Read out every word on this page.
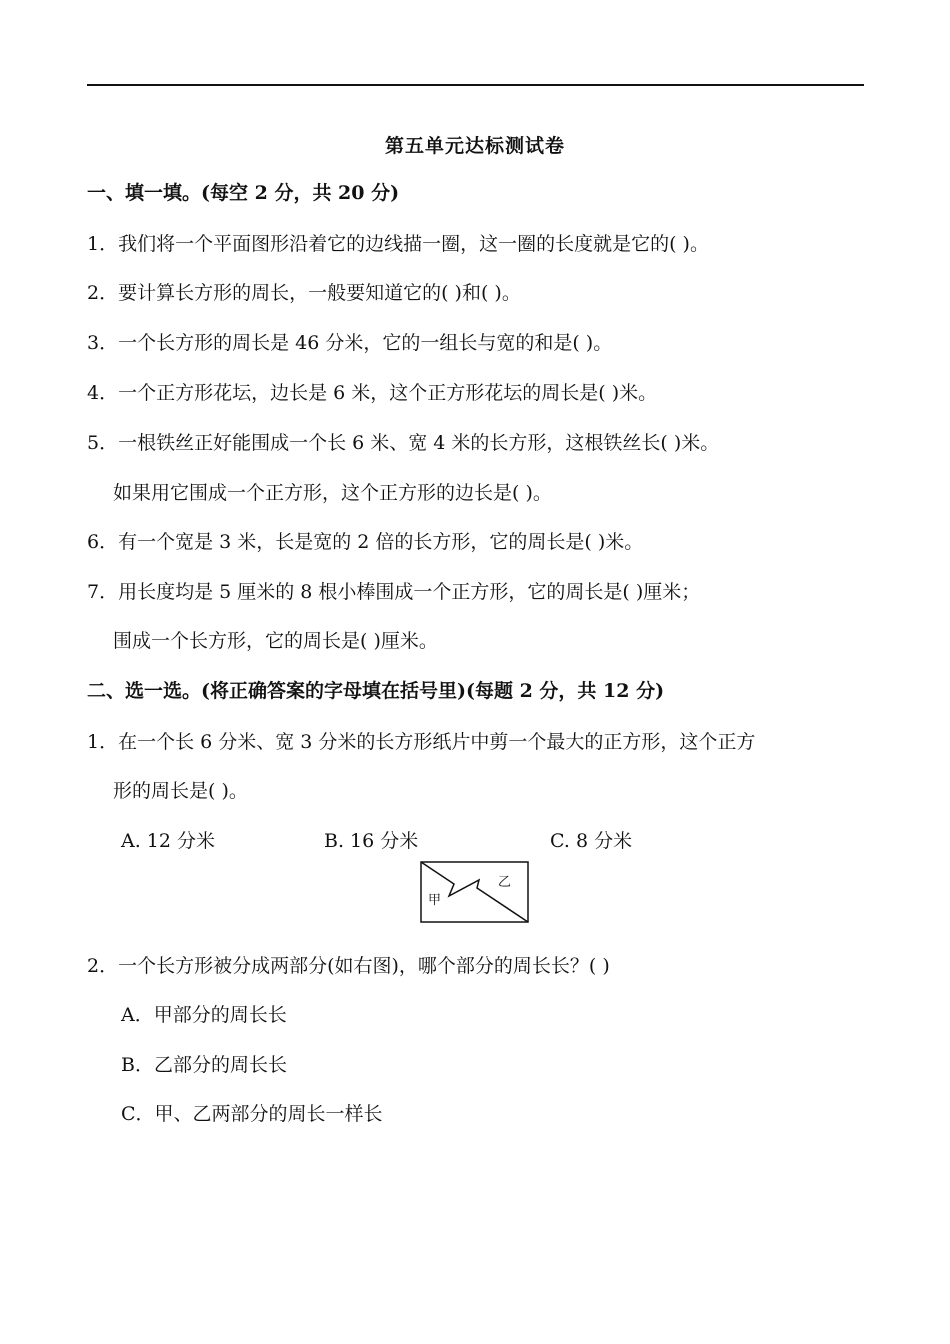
第五单元达标测试卷
一、填一填。(每空 2 分，共 20 分)
1．我们将一个平面图形沿着它的边线描一圈，这一圈的长度就是它的( )。
2．要计算长方形的周长，一般要知道它的( )和( )。
3．一个长方形的周长是 46 分米，它的一组长与宽的和是( )。
4．一个正方形花坛，边长是 6 米，这个正方形花坛的周长是( )米。
5．一根铁丝正好能围成一个长 6 米、宽 4 米的长方形，这根铁丝长( )米。
如果用它围成一个正方形，这个正方形的边长是( )。
6．有一个宽是 3 米，长是宽的 2 倍的长方形，它的周长是( )米。
7．用长度均是 5 厘米的 8 根小棒围成一个正方形，它的周长是( )厘米；
围成一个长方形，它的周长是( )厘米。
二、选一选。(将正确答案的字母填在括号里)(每题 2 分，共 12 分)
1．在一个长 6 分米、宽 3 分米的长方形纸片中剪一个最大的正方形，这个正方
形的周长是( )。
A. 12 分米	B. 16 分米	C. 8 分米
甲
乙
2．一个长方形被分成两部分(如右图)，哪个部分的周长长？( )
A．甲部分的周长长
B．乙部分的周长长
C．甲、乙两部分的周长一样长
